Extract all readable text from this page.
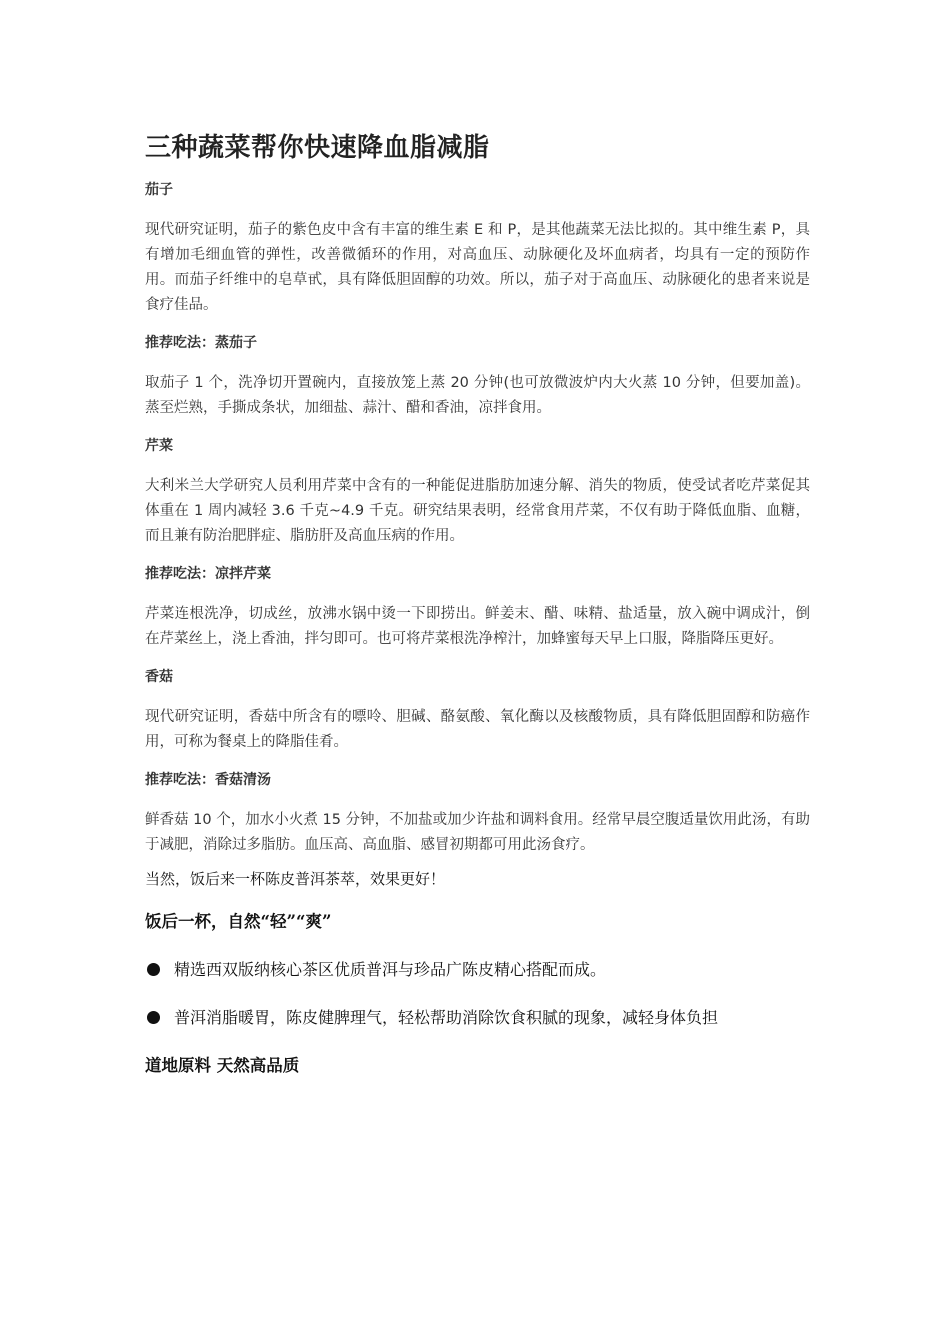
三种蔬菜帮你快速降血脂减脂

茄子

现代研究证明，茄子的紫色皮中含有丰富的维生素 E 和 P，是其他蔬菜无法比拟的。其中维生素 P，具有增加毛细血管的弹性，改善微循环的作用，对高血压、动脉硬化及坏血病者，均具有一定的预防作用。而茄子纤维中的皂草甙，具有降低胆固醇的功效。所以，茄子对于高血压、动脉硬化的患者来说是食疗佳品。

推荐吃法：蒸茄子

取茄子 1 个，洗净切开置碗内，直接放笼上蒸 20 分钟(也可放微波炉内大火蒸 10 分钟，但要加盖)。蒸至烂熟，手撕成条状，加细盐、蒜汁、醋和香油，凉拌食用。

芹菜

大利米兰大学研究人员利用芹菜中含有的一种能促进脂肪加速分解、消失的物质，使受试者吃芹菜促其体重在 1 周内减轻 3.6 千克~4.9 千克。研究结果表明，经常食用芹菜，不仅有助于降低血脂、血糖，而且兼有防治肥胖症、脂肪肝及高血压病的作用。

推荐吃法：凉拌芹菜

芹菜连根洗净，切成丝，放沸水锅中烫一下即捞出。鲜姜末、醋、味精、盐适量，放入碗中调成汁，倒在芹菜丝上，浇上香油，拌匀即可。也可将芹菜根洗净榨汁，加蜂蜜每天早上口服，降脂降压更好。

香菇

现代研究证明，香菇中所含有的嘌呤、胆碱、酪氨酸、氧化酶以及核酸物质，具有降低胆固醇和防癌作用，可称为餐桌上的降脂佳肴。

推荐吃法：香菇清汤

鲜香菇 10 个，加水小火煮 15 分钟，不加盐或加少许盐和调料食用。经常早晨空腹适量饮用此汤，有助于减肥，消除过多脂肪。血压高、高血脂、感冒初期都可用此汤食疗。

当然，饭后来一杯陈皮普洱茶萃，效果更好！

饭后一杯，自然“轻”“爽”

精选西双版纳核心茶区优质普洱与珍品广陈皮精心搭配而成。
普洱消脂暖胃，陈皮健脾理气，轻松帮助消除饮食积腻的现象，减轻身体负担

道地原料 天然高品质
